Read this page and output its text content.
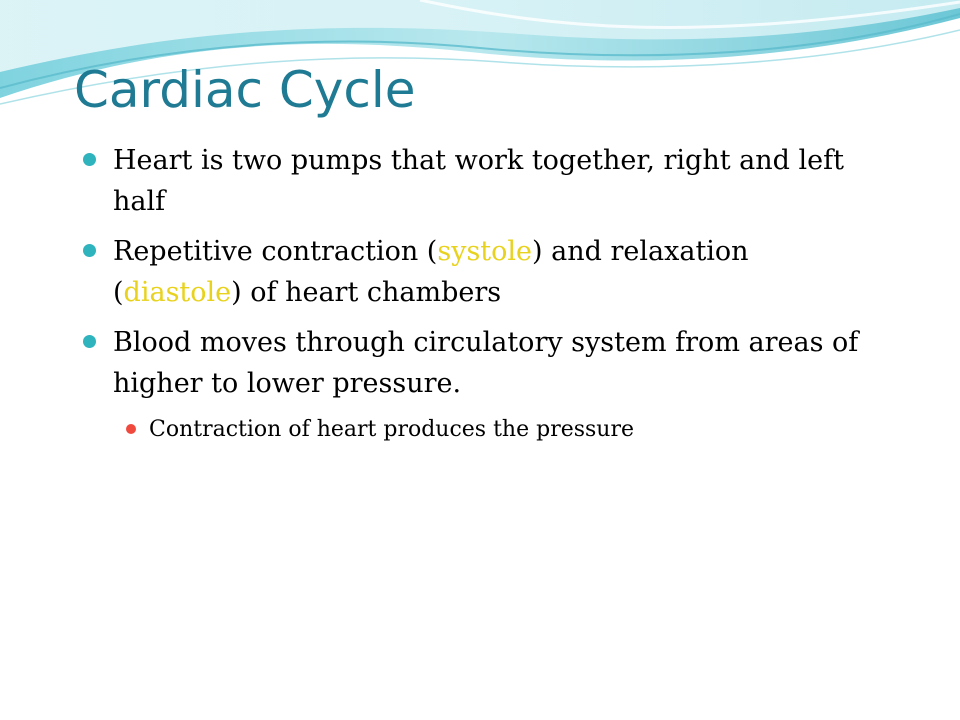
Cardiac Cycle
Heart is two pumps that work together, right and left half
Repetitive contraction (systole) and relaxation (diastole) of heart chambers
Blood moves through circulatory system from areas of higher to lower pressure.
Contraction of heart produces the pressure
